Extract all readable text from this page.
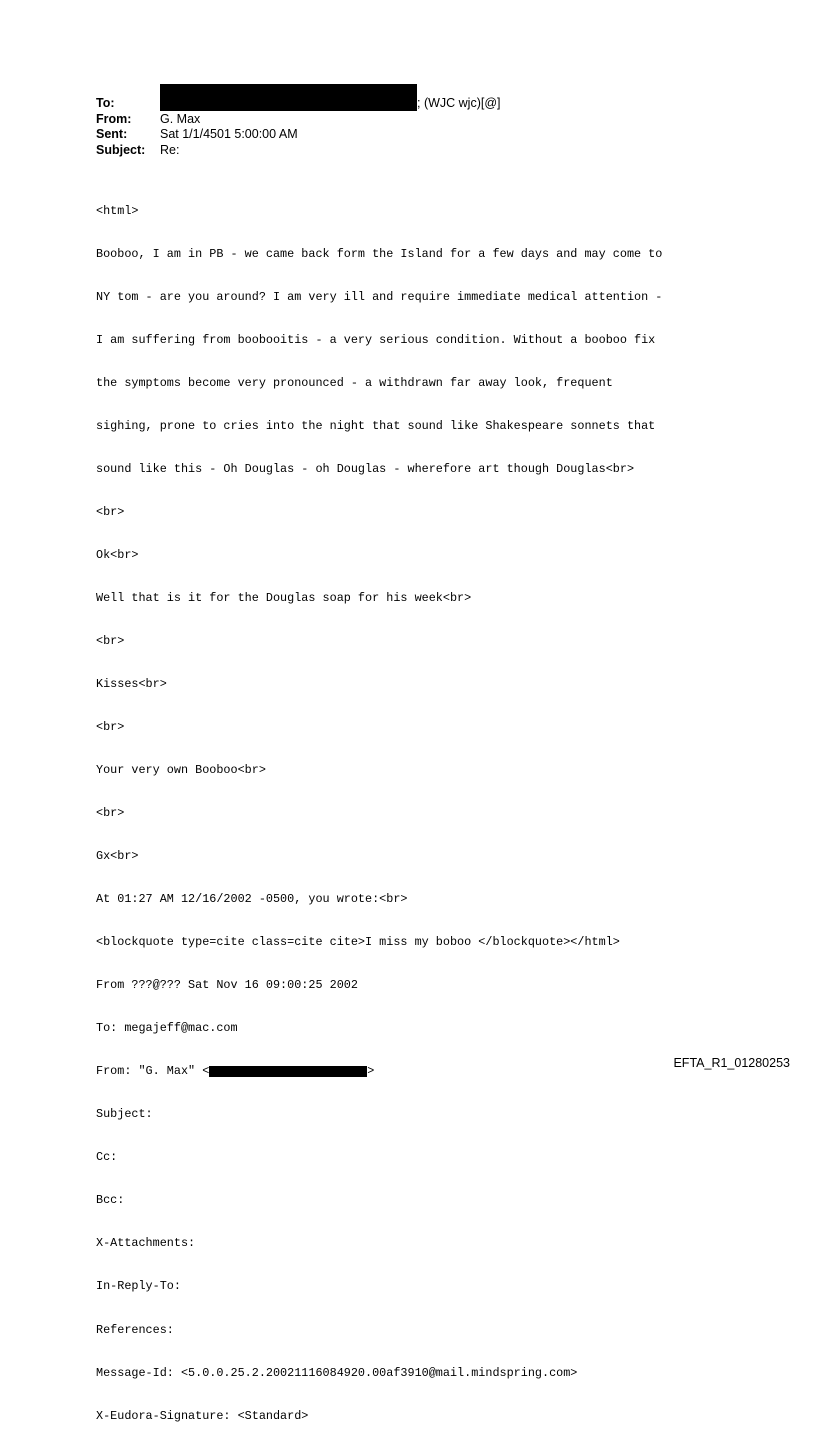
To:	; (WJC wjc)[@]
From: G. Max
Sent:	Sat 1/1/4501 5:00:00 AM
Subject: Re:

<html>

Booboo, I am in PB - we came back form the Island for a few days and may come to

NY tom - are you around? I am very ill and require immediate medical attention -

I am suffering from boobooitis - a very serious condition. Without a booboo fix

the symptoms become very pronounced - a withdrawn far away look, frequent

sighing, prone to cries into the night that sound like Shakespeare sonnets that

sound like this - Oh Douglas - oh Douglas - wherefore art though Douglas<br>

<br>

Ok<br>

Well that is it for the Douglas soap for his week<br>

<br>

Kisses<br>

<br>

Your very own Booboo<br>

<br>

Gx<br>

At 01:27 AM 12/16/2002 -0500, you wrote:<br>

<blockquote type=cite class=cite cite>I miss my boboo </blockquote></html>

From ???@??? Sat Nov 16 09:00:25 2002

To: megajeff@mac.com

From: "G. Max" <	>

Subject:

Cc:

Bcc:

X-Attachments:

In-Reply-To:

References:

Message-Id: <5.0.0.25.2.20021116084920.00af3910@mail.mindspring.com>

X-Eudora-Signature: <Standard>

EFTA_R1_01280253
